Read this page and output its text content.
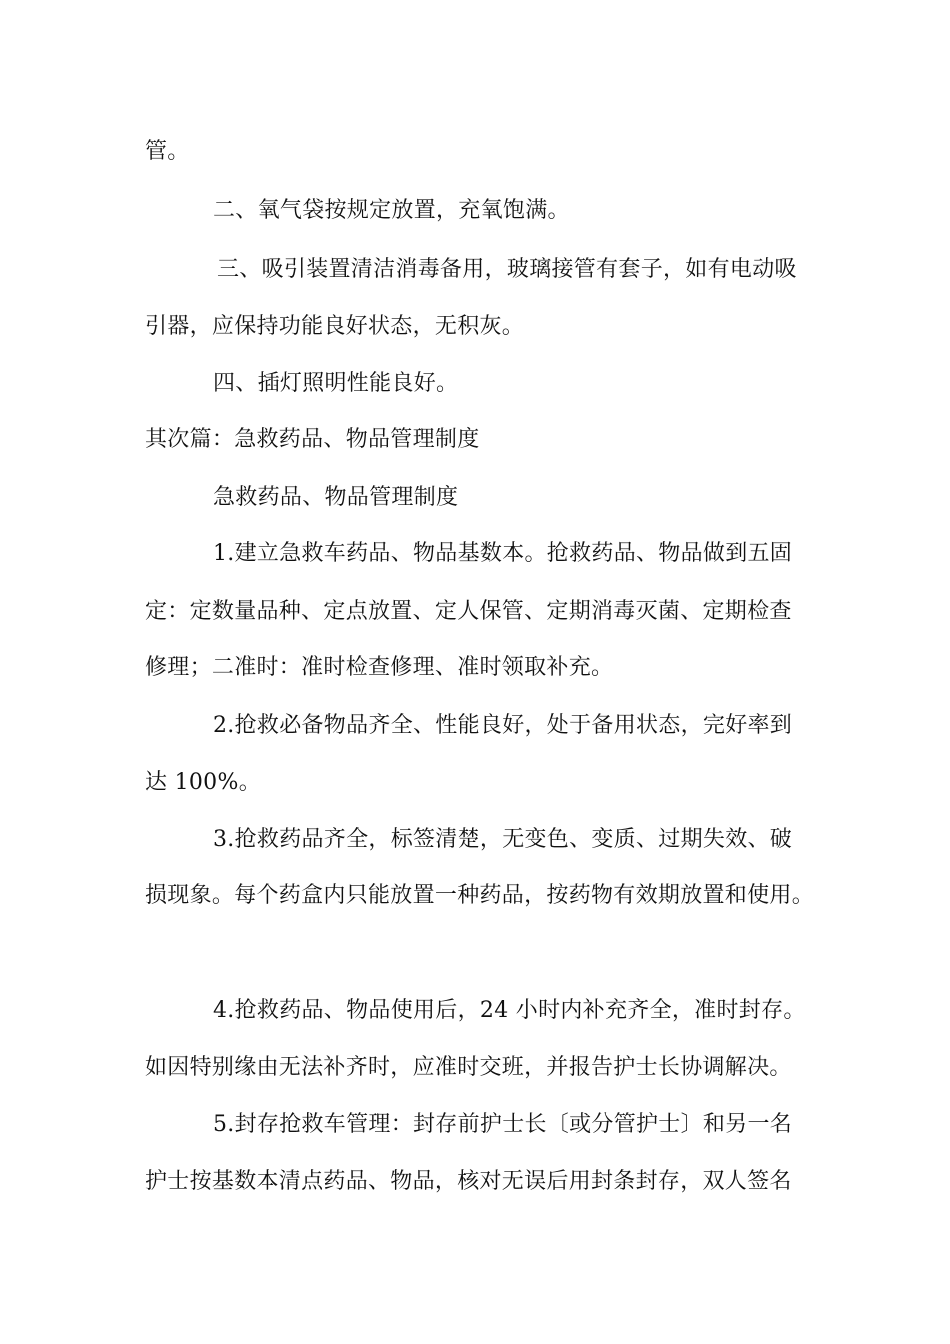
管。
二、氧气袋按规定放置，充氧饱满。
三、吸引装置清洁消毒备用，玻璃接管有套子，如有电动吸
引器，应保持功能良好状态，无积灰。
四、插灯照明性能良好。
其次篇：急救药品、物品管理制度
急救药品、物品管理制度
1.建立急救车药品、物品基数本。抢救药品、物品做到五固
定：定数量品种、定点放置、定人保管、定期消毒灭菌、定期检查
修理；二准时：准时检查修理、准时领取补充。
2.抢救必备物品齐全、性能良好，处于备用状态，完好率到
达 100%。
3.抢救药品齐全，标签清楚，无变色、变质、过期失效、破
损现象。每个药盒内只能放置一种药品，按药物有效期放置和使用。
4.抢救药品、物品使用后，24 小时内补充齐全，准时封存。
如因特别缘由无法补齐时，应准时交班，并报告护士长协调解决。
5.封存抢救车管理：封存前护士长〔或分管护士〕和另一名
护士按基数本清点药品、物品，核对无误后用封条封存，双人签名
